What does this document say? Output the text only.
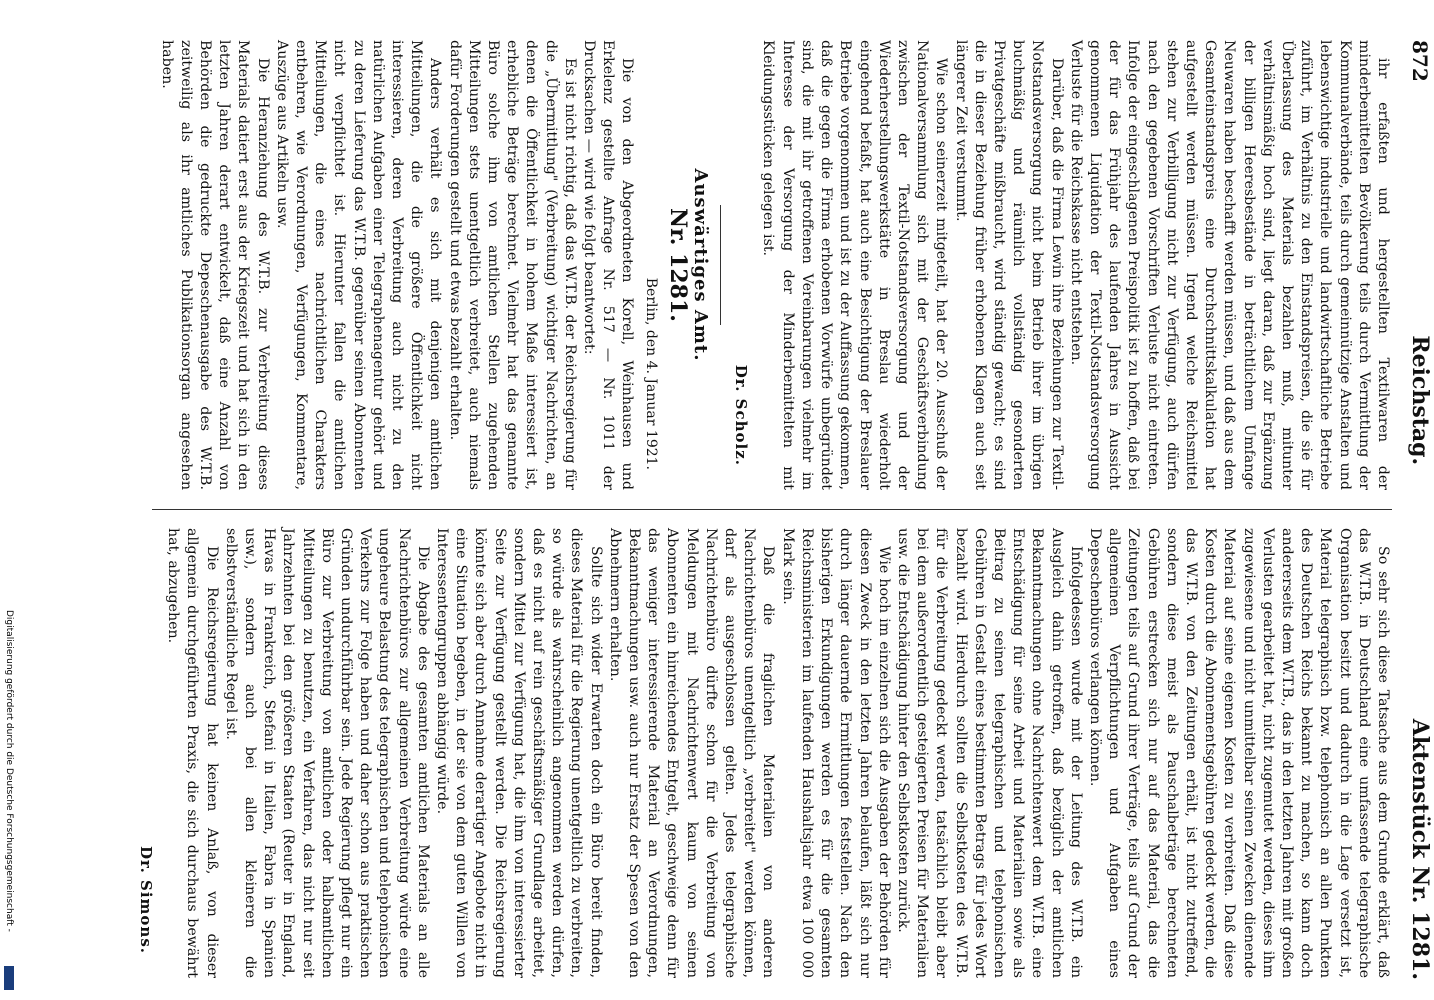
Digitalisierung gefördert durch die Deutsche Forschungsgemeinschaft -
872
Reichstag.
Aktenstück Nr. 1281.

ihr erfaßten und hergestellten Textilwaren der minderbemittelten Bevölkerung teils durch Vermittlung der Kommunalverbände, teils durch gemeinnützige Anstalten und lebenswichtige industrielle und landwirtschaftliche Betriebe zuführt, im Verhältnis zu den Einstandspreisen, die sie für Überlassung des Materials bezahlen muß, mitunter verhältnismäßig hoch sind, liegt daran, daß zur Ergänzung der billigen Heeresbestände in beträchtlichem Umfange Neuwaren haben beschafft werden müssen, und daß aus dem Gesamteinstandspreis eine Durchschnittskalkulation hat aufgestellt werden müssen. Irgend welche Reichsmittel stehen zur Verbilligung nicht zur Verfügung, auch dürfen nach den gegebenen Vorschriften Verluste nicht eintreten. Infolge der eingeschlagenen Preispolitik ist zu hoffen, daß bei der für das Frühjahr des laufenden Jahres in Aussicht genommenen Liquidation der Textil-Notstandsversorgung Verluste für die Reichskasse nicht entstehen.

Darüber, daß die Firma Lewin ihre Beziehungen zur Textil-Notstandsversorgung nicht beim Betrieb ihrer im übrigen buchmäßig und räumlich vollständig gesonderten Privatgeschäfte mißbraucht, wird ständig gewacht; es sind die in dieser Beziehung früher erhobenen Klagen auch seit längerer Zeit verstummt.

Wie schon seinerzeit mitgeteilt, hat der 20. Ausschuß der Nationalversammlung sich mit der Geschäftsverbindung zwischen der Textil-Notstandsversorgung und der Wiederherstellungswerkstätte in Breslau wiederholt eingehend befaßt, hat auch eine Besichtigung der Breslauer Betriebe vorgenommen und ist zu der Auffassung gekommen, daß die gegen die Firma erhobenen Vorwürfe unbegründet sind, die mit ihr getroffenen Vereinbarungen vielmehr im Interesse der Versorgung der Minderbemittelten mit Kleidungsstücken gelegen ist.

Dr. Scholz.
Auswärtiges Amt.
Nr. 1281.
Berlin, den 4. Januar 1921.

Die von den Abgeordneten Korell, Weinhausen und Erkelenz gestellte Anfrage Nr. 517 — Nr. 1011 der Drucksachen — wird wie folgt beantwortet:

Es ist nicht richtig, daß das W.T.B. der Reichsregierung für die „Übermittlung" (Verbreitung) wichtiger Nachrichten, an denen die Öffentlichkeit in hohem Maße interessiert ist, erhebliche Beträge berechnet. Vielmehr hat das genannte Büro solche ihm von amtlichen Stellen zugehenden Mitteilungen stets unentgeltlich verbreitet, auch niemals dafür Forderungen gestellt und etwas bezahlt erhalten.

Anders verhält es sich mit denjenigen amtlichen Mitteilungen, die die größere Öffentlichkeit nicht interessieren, deren Verbreitung auch nicht zu den natürlichen Aufgaben einer Telegraphenagentur gehört und zu deren Lieferung das W.T.B. gegenüber seinen Abonnenten nicht verpflichtet ist. Hierunter fallen die amtlichen Mitteilungen, die eines nachrichtlichen Charakters entbehren, wie Verordnungen, Verfügungen, Kommentare, Auszüge aus Artikeln usw.

Die Heranziehung des W.T.B. zur Verbreitung dieses Materials datiert erst aus der Kriegszeit und hat sich in den letzten Jahren derart entwickelt, daß eine Anzahl von Behörden die gedruckte Depeschenausgabe des W.T.B. zeitweilig als ihr amtliches Publikationsorgan angesehen haben.

So sehr sich diese Tatsache aus dem Grunde erklärt, daß das W.T.B. in Deutschland eine umfassende telegraphische Organisation besitzt und dadurch in die Lage versetzt ist, Material telegraphisch bzw. telephonisch an allen Punkten des Deutschen Reichs bekannt zu machen, so kann doch andererseits dem W.T.B., das in den letzten Jahren mit großen Verlusten gearbeitet hat, nicht zugemutet werden, dieses ihm zugewiesene und nicht unmittelbar seinen Zwecken dienende Material auf seine eigenen Kosten zu verbreiten. Daß diese Kosten durch die Abonnementsgebühren gedeckt werden, die das W.T.B. von den Zeitungen erhält, ist nicht zutreffend, sondern diese meist als Pauschalbeträge berechneten Gebühren erstrecken sich nur auf das Material, das die Zeitungen teils auf Grund ihrer Verträge, teils auf Grund der allgemeinen Verpflichtungen und Aufgaben eines Depeschenbüros verlangen können.

Infolgedessen wurde mit der Leitung des W.T.B. ein Ausgleich dahin getroffen, daß bezüglich der amtlichen Bekanntmachungen ohne Nachrichtenwert dem W.T.B. eine Entschädigung für seine Arbeit und Materialien sowie als Beitrag zu seinen telegraphischen und telephonischen Gebühren in Gestalt eines bestimmten Betrags für jedes Wort bezahlt wird. Hierdurch sollten die Selbstkosten des W.T.B. für die Verbreitung gedeckt werden, tatsächlich bleibt aber bei dem außerordentlich gesteigerten Preisen für Materialien usw. die Entschädigung hinter den Selbstkosten zurück.

Wie hoch im einzelnen sich die Ausgaben der Behörden für diesen Zweck in den letzten Jahren belaufen, läßt sich nur durch länger dauernde Ermittlungen feststellen. Nach den bisherigen Erkundigungen werden es für die gesamten Reichsministerien im laufenden Haushaltsjahr etwa 100 000 Mark sein.

Daß die fraglichen Materialien von anderen Nachrichtenbüros unentgeltlich „verbreitet" werden können, darf als ausgeschlossen gelten. Jedes telegraphische Nachrichtenbüro dürfte schon für die Verbreitung von Meldungen mit Nachrichtenwert kaum von seinen Abonnenten ein hinreichendes Entgelt, geschweige denn für das weniger interessierende Material an Verordnungen, Bekanntmachungen usw. auch nur Ersatz der Spesen von den Abnehmern erhalten.

Sollte sich wider Erwarten doch ein Büro bereit finden, dieses Material für die Regierung unentgeltlich zu verbreiten, so würde als wahrscheinlich angenommen werden dürfen, daß es nicht auf rein geschäftsmäßiger Grundlage arbeitet, sondern Mittel zur Verfügung hat, die ihm von interessierter Seite zur Verfügung gestellt werden. Die Reichsregierung könnte sich aber durch Annahme derartiger Angebote nicht in eine Situation begeben, in der sie von dem guten Willen von Interessentengruppen abhängig würde.

Die Abgabe des gesamten amtlichen Materials an alle Nachrichtenbüros zur allgemeinen Verbreitung würde eine ungeheure Belastung des telegraphischen und telephonischen Verkehrs zur Folge haben und daher schon aus praktischen Gründen undurchführbar sein. Jede Regierung pflegt nur ein Büro zur Verbreitung von amtlichen oder halbamtlichen Mitteilungen zu benutzen, ein Verfahren, das nicht nur seit Jahrzehnten bei den größeren Staaten (Reuter in England, Havas in Frankreich, Stefani in Italien, Fabra in Spanien usw.), sondern auch bei allen kleineren die selbstverständliche Regel ist.

Die Reichsregierung hat keinen Anlaß, von dieser allgemein durchgeführten Praxis, die sich durchaus bewährt hat, abzugehen.

Dr. Simons.
